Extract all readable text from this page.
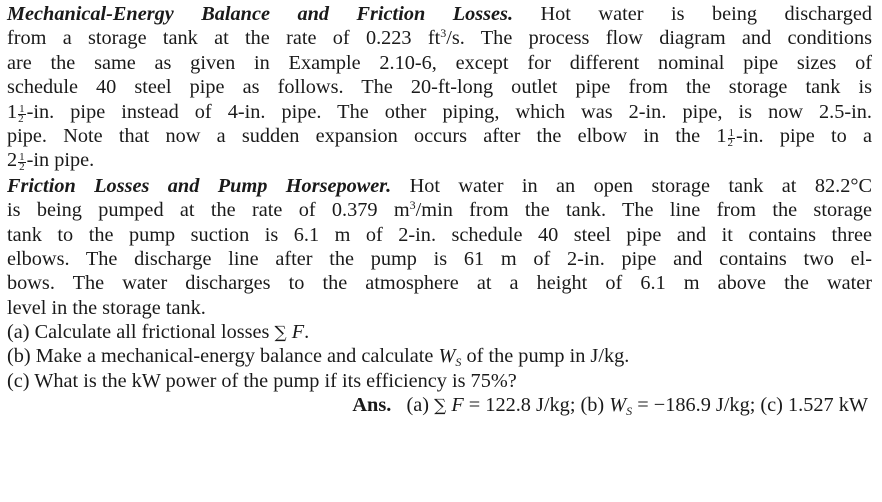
Mechanical-Energy Balance and Friction Losses. Hot water is being discharged
from a storage tank at the rate of 0.223 $ft^3/s$. The process flow diagram and conditions
are the same as given in Example 2.10-6, except for different nominal pipe sizes of
schedule 40 steel pipe as follows. The 20-ft-long outlet pipe from the storage tank is
$1 \frac{1}{2} -in$. pipe instead of 4-in. pipe. The other piping, which was 2-in. pipe, is now 2.5-in.
pipe. Note that now a sudden expansion occurs after the elbow in the $1 \frac{1}{2} -in$. pipe to a
$2 \frac{1}{2} -in$ pipe.
Friction Losses and Pump Horsepower. Hot water in an open storage tank at 82.2°C
is being pumped at the rate of 0.379 $m^3/\min$ from the tank. The line from the storage
tank to the pump suction is 6.1 m of 2-in. schedule 40 steel pipe and it contains three
elbows. The discharge line after the pump is 61 m of 2-in. pipe and contains two el-
bows. The water discharges to the atmosphere at a height of 6.1 m above the water
level in the storage tank.
(a) Calculate all frictional losses ∑ F.
(b) Make a mechanical-energy balance and calculate $W_S$ of the pump in J/kg.
(c) What is the kW power of the pump if its efficiency is 75%?
Ans. (a) ∑ F = 122.8 J/kg; (b) $W_S = -186.9$ J/kg; (c) 1.527 kW
